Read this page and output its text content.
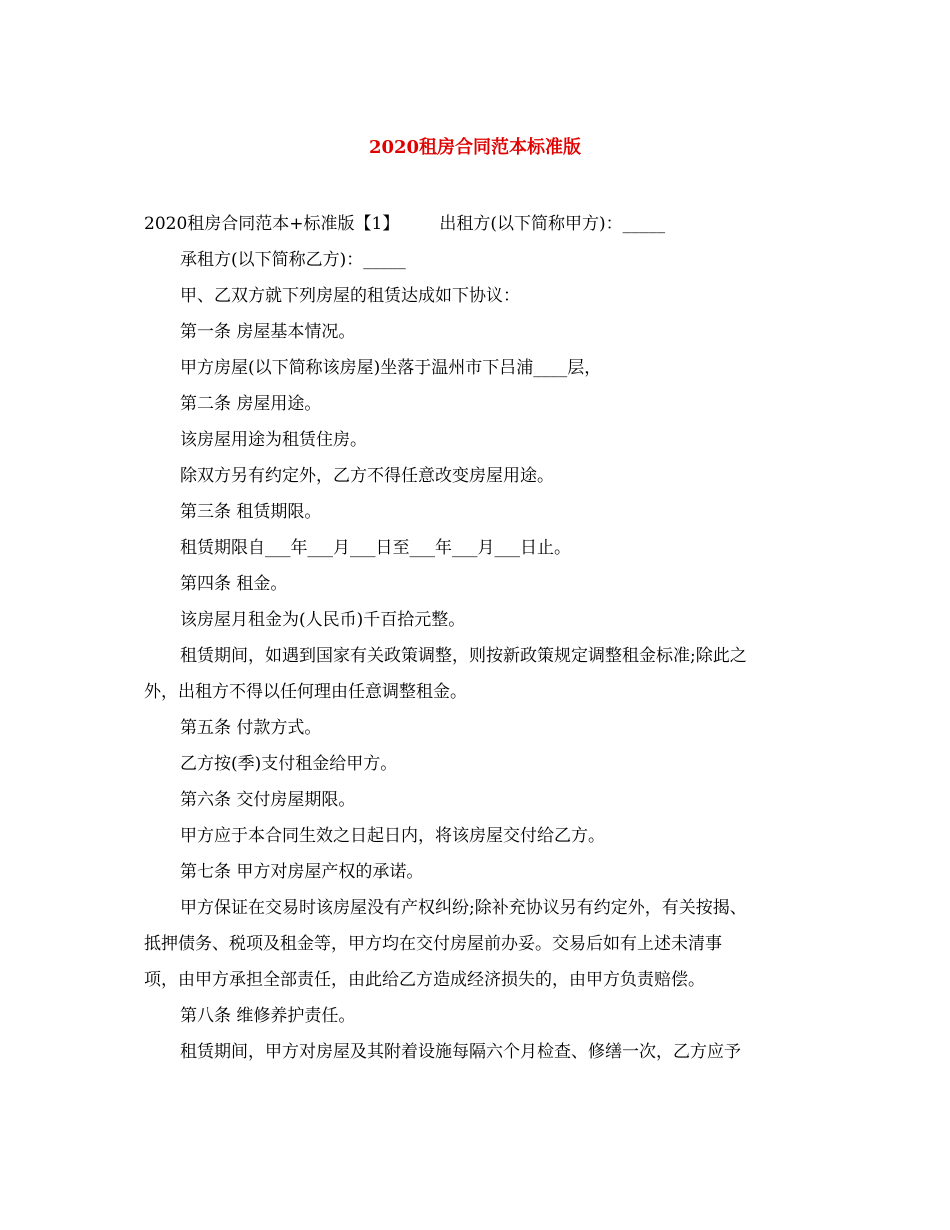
2020租房合同范本标准版
2020租房合同范本+标准版【1】 出租方(以下简称甲方)：_____
承租方(以下简称乙方)：_____
甲、乙双方就下列房屋的租赁达成如下协议：
第一条 房屋基本情况。
甲方房屋(以下简称该房屋)坐落于温州市下吕浦____层，
第二条 房屋用途。
该房屋用途为租赁住房。
除双方另有约定外，乙方不得任意改变房屋用途。
第三条 租赁期限。
租赁期限自___年___月___日至___年___月___日止。
第四条 租金。
该房屋月租金为(人民币)千百拾元整。
租赁期间，如遇到国家有关政策调整，则按新政策规定调整租金标准;除此之
外，出租方不得以任何理由任意调整租金。
第五条 付款方式。
乙方按(季)支付租金给甲方。
第六条 交付房屋期限。
甲方应于本合同生效之日起日内，将该房屋交付给乙方。
第七条 甲方对房屋产权的承诺。
甲方保证在交易时该房屋没有产权纠纷;除补充协议另有约定外，有关按揭、
抵押债务、税项及租金等，甲方均在交付房屋前办妥。交易后如有上述未清事
项，由甲方承担全部责任，由此给乙方造成经济损失的，由甲方负责赔偿。
第八条 维修养护责任。
租赁期间，甲方对房屋及其附着设施每隔六个月检查、修缮一次，乙方应予
